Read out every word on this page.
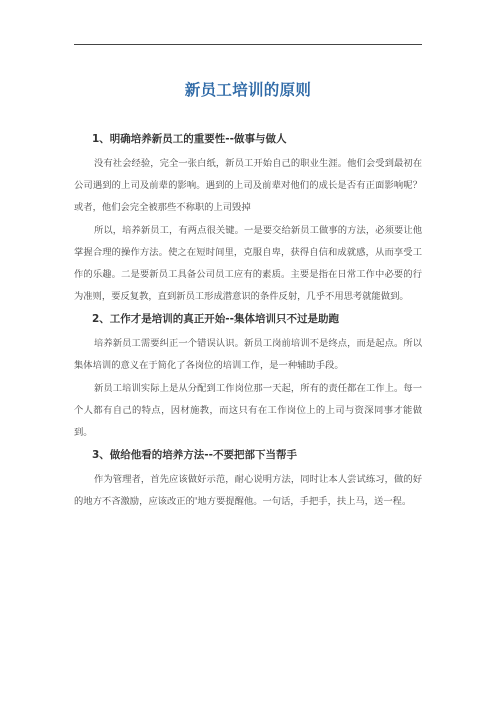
新员工培训的原则
1、明确培养新员工的重要性--做事与做人

没有社会经验，完全一张白纸，新员工开始自己的职业生涯。他们会受到最初在公司遇到的上司及前辈的影响。遇到的上司及前辈对他们的成长是否有正面影响呢？或者，他们会完全被那些不称职的上司毁掉

所以，培养新员工，有两点很关键。一是要交给新员工做事的方法，必须要让他掌握合理的操作方法。使之在短时间里，克服自卑，获得自信和成就感，从而享受工作的乐趣。二是要新员工具备公司员工应有的素质。主要是指在日常工作中必要的行为准则，要反复教，直到新员工形成潜意识的条件反射，几乎不用思考就能做到。

2、工作才是培训的真正开始--集体培训只不过是助跑

培养新员工需要纠正一个错误认识。新员工岗前培训不是终点，而是起点。所以集体培训的意义在于简化了各岗位的培训工作，是一种辅助手段。

新员工培训实际上是从分配到工作岗位那一天起，所有的责任都在工作上。每一个人都有自己的特点，因材施教，而这只有在工作岗位上的上司与资深同事才能做到。

3、做给他看的培养方法--不要把部下当帮手

作为管理者，首先应该做好示范，耐心说明方法，同时让本人尝试练习，做的好的地方不吝激励，应该改正的'地方要提醒他。一句话，手把手，扶上马，送一程。
